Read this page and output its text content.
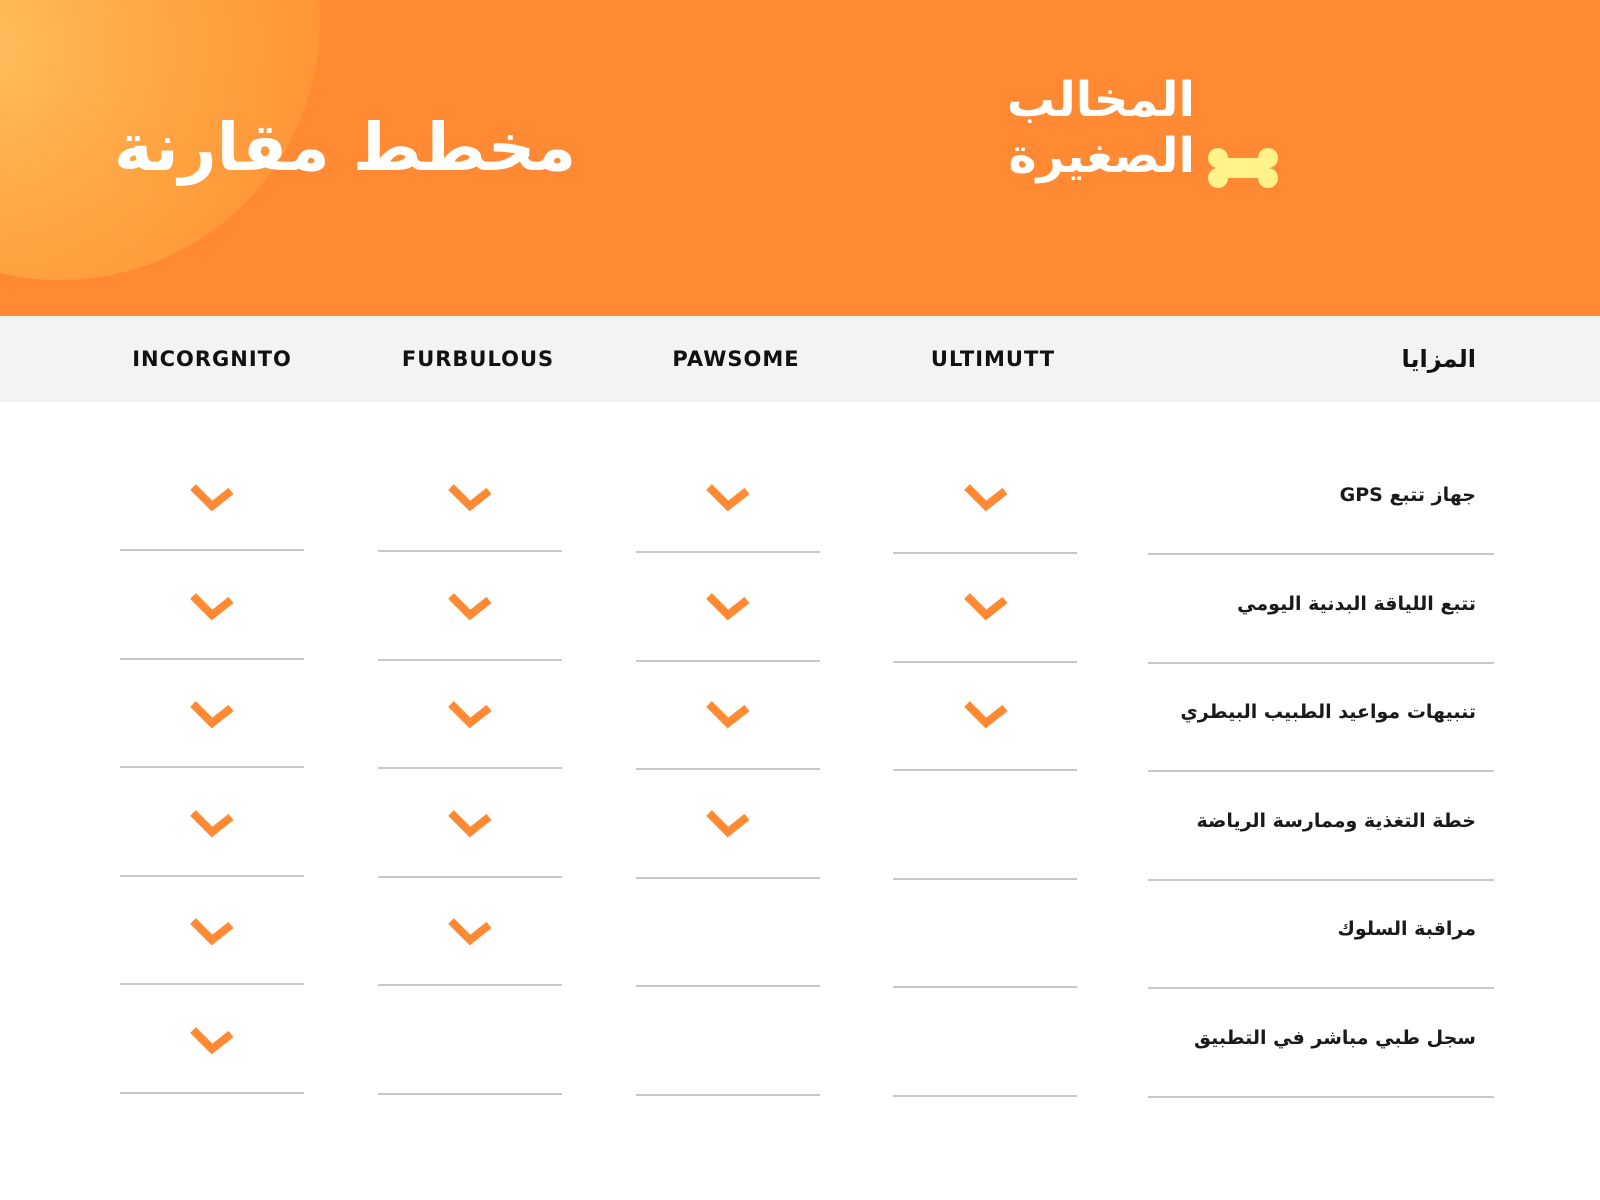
مخطط مقارنة
المخالب
الصغيرة
ULTIMUTT
PAWSOME
FURBULOUS
INCORGNITO	المزايا
جهاز تتبع GPS
تتبع اللياقة البدنية اليومي
تنبيهات مواعيد الطبيب البيطري
خطة التغذية وممارسة الرياضة
مراقبة السلوك
سجل طبي مباشر في التطبيق
